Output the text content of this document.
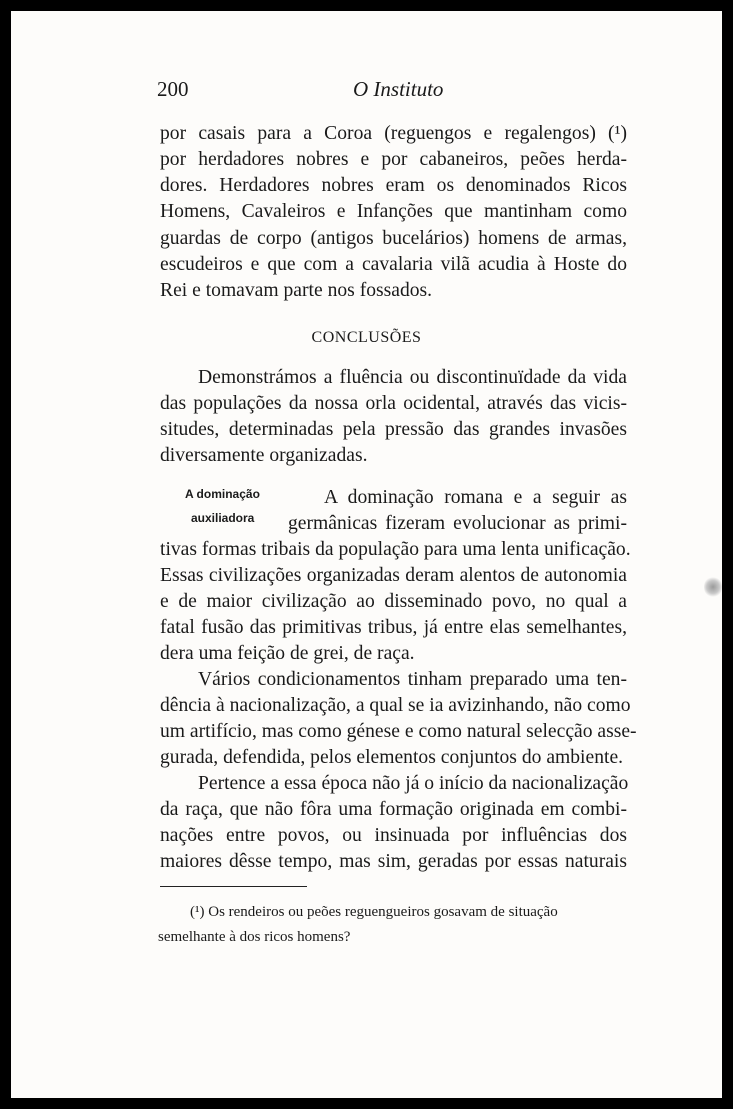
200	O Instituto
por casais para a Coroa (reguengos e regalengos) (¹)
por herdadores nobres e por cabaneiros, peões herda-
dores. Herdadores nobres eram os denominados Ricos
Homens, Cavaleiros e Infanções que mantinham como
guardas de corpo (antigos bucelários) homens de armas,
escudeiros e que com a cavalaria vilã acudia à Hoste do
Rei e tomavam parte nos fossados.
CONCLUSÕES
Demonstrámos a fluência ou discontinuïdade da vida
das populações da nossa orla ocidental, através das vicis-
situdes, determinadas pela pressão das grandes invasões
diversamente organizadas.
A dominação
auxiliadora
A dominação romana e a seguir as
germânicas fizeram evolucionar as primi-
tivas formas tribais da população para uma lenta unificação.
Essas civilizações organizadas deram alentos de autonomia
e de maior civilização ao disseminado povo, no qual a
fatal fusão das primitivas tribus, já entre elas semelhantes,
dera uma feição de grei, de raça.
Vários condicionamentos tinham preparado uma ten-
dência à nacionalização, a qual se ia avizinhando, não como
um artifício, mas como génese e como natural selecção asse-
gurada, defendida, pelos elementos conjuntos do ambiente.
Pertence a essa época não já o início da nacionalização
da raça, que não fôra uma formação originada em combi-
nações entre povos, ou insinuada por influências dos
maiores dêsse tempo, mas sim, geradas por essas naturais
(¹) Os rendeiros ou peões reguengueiros gosavam de situação
semelhante à dos ricos homens?
